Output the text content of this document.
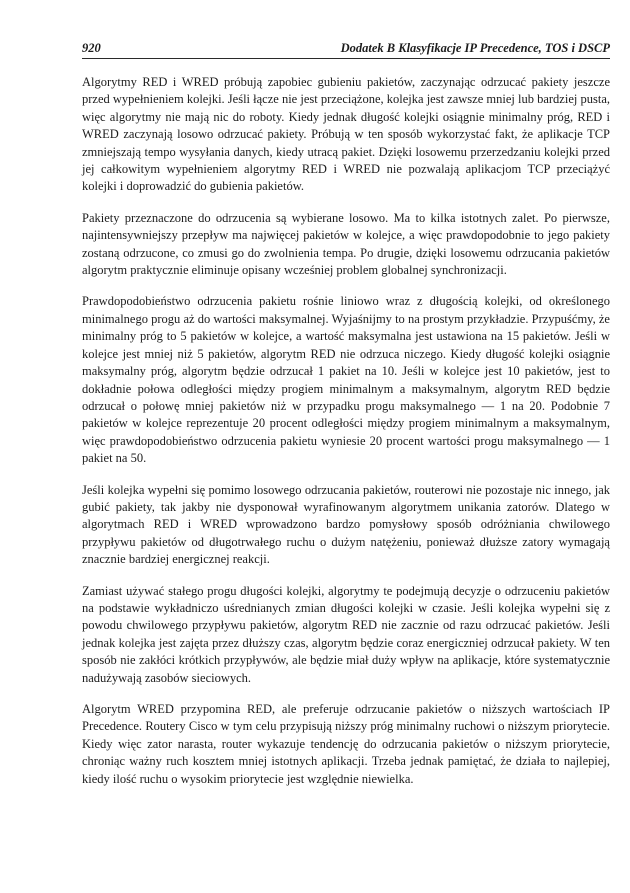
920	Dodatek B Klasyfikacje IP Precedence, TOS i DSCP

Algorytmy RED i WRED próbują zapobiec gubieniu pakietów, zaczynając odrzucać pakiety jeszcze przed wypełnieniem kolejki. Jeśli łącze nie jest przeciążone, kolejka jest zawsze mniej lub bardziej pusta, więc algorytmy nie mają nic do roboty. Kiedy jednak długość kolejki osiągnie minimalny próg, RED i WRED zaczynają losowo odrzucać pakiety. Próbują w ten sposób wykorzystać fakt, że aplikacje TCP zmniejszają tempo wysyłania danych, kiedy utracą pakiet. Dzięki losowemu przerzedzaniu kolejki przed jej całkowitym wypełnieniem algorytmy RED i WRED nie pozwalają aplikacjom TCP przeciążyć kolejki i doprowadzić do gubienia pakietów.

Pakiety przeznaczone do odrzucenia są wybierane losowo. Ma to kilka istotnych zalet. Po pierwsze, najintensywniejszy przepływ ma najwięcej pakietów w kolejce, a więc prawdopodobnie to jego pakiety zostaną odrzucone, co zmusi go do zwolnienia tempa. Po drugie, dzięki losowemu odrzucania pakietów algorytm praktycznie eliminuje opisany wcześniej problem globalnej synchronizacji.

Prawdopodobieństwo odrzucenia pakietu rośnie liniowo wraz z długością kolejki, od określonego minimalnego progu aż do wartości maksymalnej. Wyjaśnijmy to na prostym przykładzie. Przypuśćmy, że minimalny próg to 5 pakietów w kolejce, a wartość maksymalna jest ustawiona na 15 pakietów. Jeśli w kolejce jest mniej niż 5 pakietów, algorytm RED nie odrzuca niczego. Kiedy długość kolejki osiągnie maksymalny próg, algorytm będzie odrzucał 1 pakiet na 10. Jeśli w kolejce jest 10 pakietów, jest to dokładnie połowa odległości między progiem minimalnym a maksymalnym, algorytm RED będzie odrzucał o połowę mniej pakietów niż w przypadku progu maksymalnego — 1 na 20. Podobnie 7 pakietów w kolejce reprezentuje 20 procent odległości między progiem minimalnym a maksymalnym, więc prawdopodobieństwo odrzucenia pakietu wyniesie 20 procent wartości progu maksymalnego — 1 pakiet na 50.

Jeśli kolejka wypełni się pomimo losowego odrzucania pakietów, routerowi nie pozostaje nic innego, jak gubić pakiety, tak jakby nie dysponował wyrafinowanym algorytmem unikania zatorów. Dlatego w algorytmach RED i WRED wprowadzono bardzo pomysłowy sposób odróżniania chwilowego przypływu pakietów od długotrwałego ruchu o dużym natężeniu, ponieważ dłuższe zatory wymagają znacznie bardziej energicznej reakcji.

Zamiast używać stałego progu długości kolejki, algorytmy te podejmują decyzje o odrzuceniu pakietów na podstawie wykładniczo uśrednianych zmian długości kolejki w czasie. Jeśli kolejka wypełni się z powodu chwilowego przypływu pakietów, algorytm RED nie zacznie od razu odrzucać pakietów. Jeśli jednak kolejka jest zajęta przez dłuższy czas, algorytm będzie coraz energiczniej odrzucał pakiety. W ten sposób nie zakłóci krótkich przypływów, ale będzie miał duży wpływ na aplikacje, które systematycznie nadużywają zasobów sieciowych.

Algorytm WRED przypomina RED, ale preferuje odrzucanie pakietów o niższych wartościach IP Precedence. Routery Cisco w tym celu przypisują niższy próg minimalny ruchowi o niższym priorytecie. Kiedy więc zator narasta, router wykazuje tendencję do odrzucania pakietów o niższym priorytecie, chroniąc ważny ruch kosztem mniej istotnych aplikacji. Trzeba jednak pamiętać, że działa to najlepiej, kiedy ilość ruchu o wysokim priorytecie jest względnie niewielka.
